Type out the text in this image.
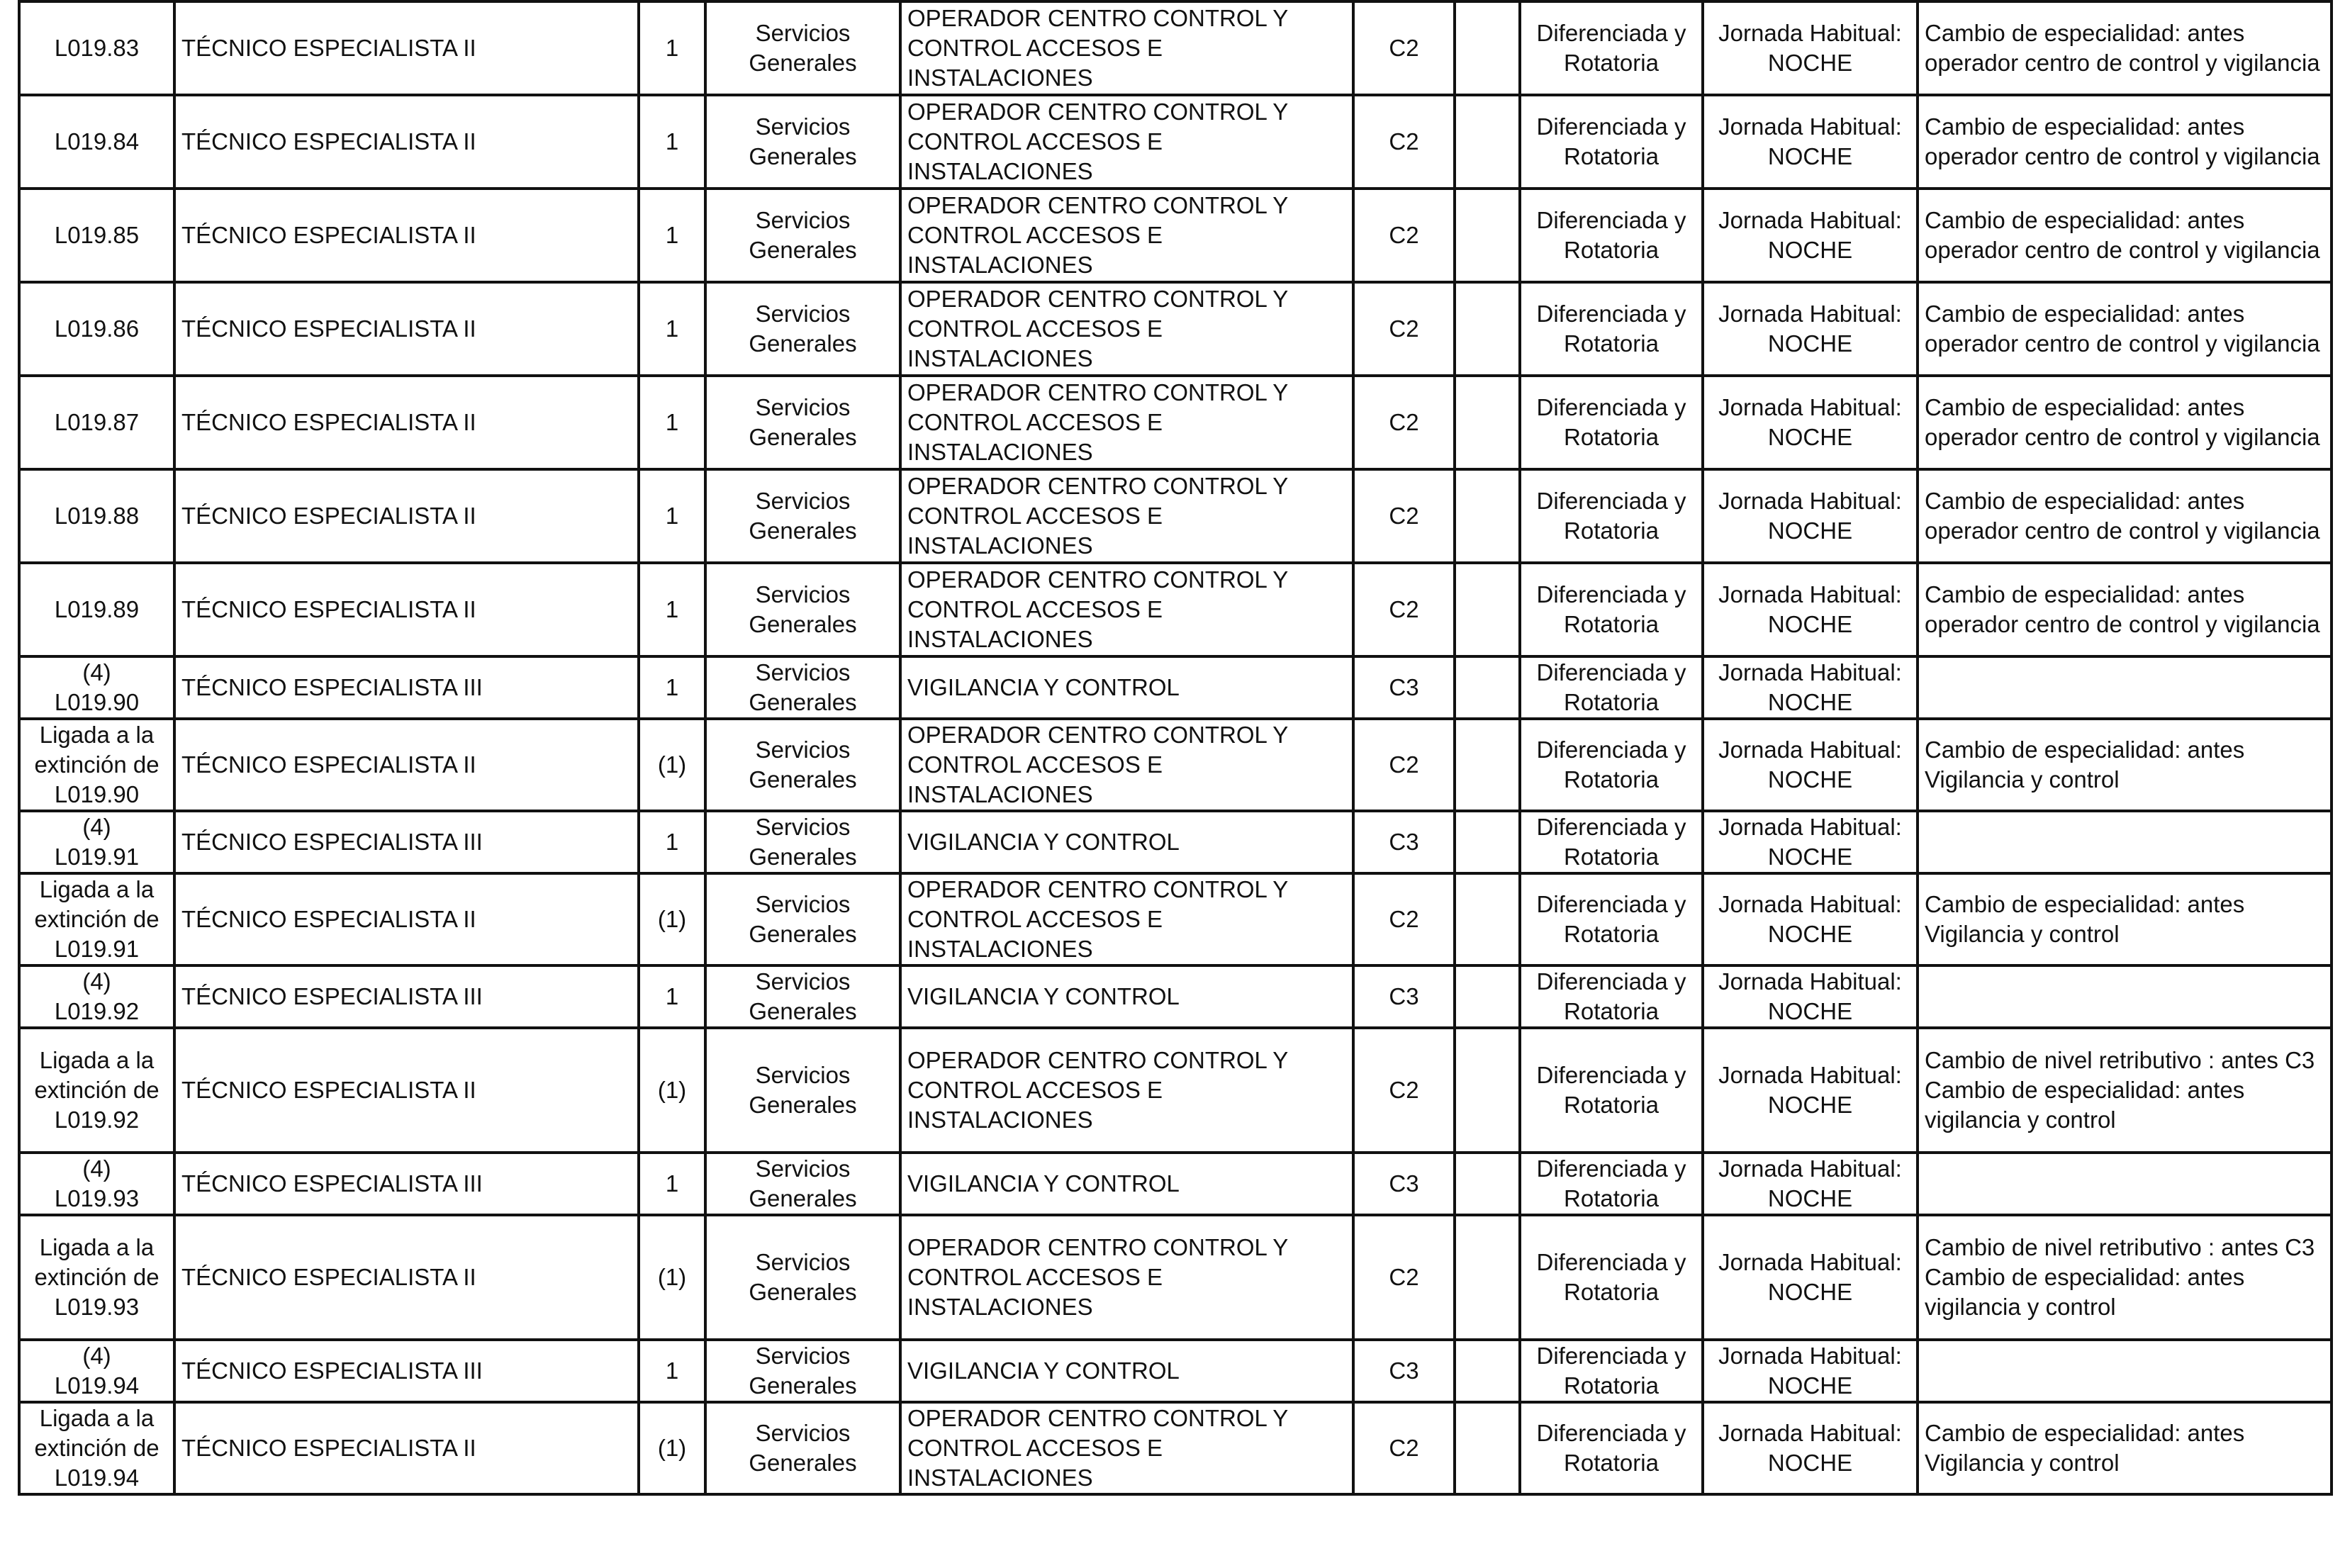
L019.83	TÉCNICO ESPECIALISTA II	1	Servicios
Generales	OPERADOR CENTRO CONTROL Y
CONTROL ACCESOS E
INSTALACIONES	C2		Diferenciada y
Rotatoria	Jornada Habitual:
NOCHE	Cambio de especialidad: antes
operador centro de control y vigilancia
L019.84	TÉCNICO ESPECIALISTA II	1	Servicios
Generales	OPERADOR CENTRO CONTROL Y
CONTROL ACCESOS E
INSTALACIONES	C2		Diferenciada y
Rotatoria	Jornada Habitual:
NOCHE	Cambio de especialidad: antes
operador centro de control y vigilancia
L019.85	TÉCNICO ESPECIALISTA II	1	Servicios
Generales	OPERADOR CENTRO CONTROL Y
CONTROL ACCESOS E
INSTALACIONES	C2		Diferenciada y
Rotatoria	Jornada Habitual:
NOCHE	Cambio de especialidad: antes
operador centro de control y vigilancia
L019.86	TÉCNICO ESPECIALISTA II	1	Servicios
Generales	OPERADOR CENTRO CONTROL Y
CONTROL ACCESOS E
INSTALACIONES	C2		Diferenciada y
Rotatoria	Jornada Habitual:
NOCHE	Cambio de especialidad: antes
operador centro de control y vigilancia
L019.87	TÉCNICO ESPECIALISTA II	1	Servicios
Generales	OPERADOR CENTRO CONTROL Y
CONTROL ACCESOS E
INSTALACIONES	C2		Diferenciada y
Rotatoria	Jornada Habitual:
NOCHE	Cambio de especialidad: antes
operador centro de control y vigilancia
L019.88	TÉCNICO ESPECIALISTA II	1	Servicios
Generales	OPERADOR CENTRO CONTROL Y
CONTROL ACCESOS E
INSTALACIONES	C2		Diferenciada y
Rotatoria	Jornada Habitual:
NOCHE	Cambio de especialidad: antes
operador centro de control y vigilancia
L019.89	TÉCNICO ESPECIALISTA II	1	Servicios
Generales	OPERADOR CENTRO CONTROL Y
CONTROL ACCESOS E
INSTALACIONES	C2		Diferenciada y
Rotatoria	Jornada Habitual:
NOCHE	Cambio de especialidad: antes
operador centro de control y vigilancia
(4)
L019.90	TÉCNICO ESPECIALISTA III	1	Servicios
Generales	VIGILANCIA Y CONTROL	C3		Diferenciada y
Rotatoria	Jornada Habitual:
NOCHE	
Ligada a la
extinción de
L019.90	TÉCNICO ESPECIALISTA II	(1)	Servicios
Generales	OPERADOR CENTRO CONTROL Y
CONTROL ACCESOS E
INSTALACIONES	C2		Diferenciada y
Rotatoria	Jornada Habitual:
NOCHE	Cambio de especialidad: antes
Vigilancia y control
(4)
L019.91	TÉCNICO ESPECIALISTA III	1	Servicios
Generales	VIGILANCIA Y CONTROL	C3		Diferenciada y
Rotatoria	Jornada Habitual:
NOCHE	
Ligada a la
extinción de
L019.91	TÉCNICO ESPECIALISTA II	(1)	Servicios
Generales	OPERADOR CENTRO CONTROL Y
CONTROL ACCESOS E
INSTALACIONES	C2		Diferenciada y
Rotatoria	Jornada Habitual:
NOCHE	Cambio de especialidad: antes
Vigilancia y control
(4)
L019.92	TÉCNICO ESPECIALISTA III	1	Servicios
Generales	VIGILANCIA Y CONTROL	C3		Diferenciada y
Rotatoria	Jornada Habitual:
NOCHE	
Ligada a la
extinción de
L019.92	TÉCNICO ESPECIALISTA II	(1)	Servicios
Generales	OPERADOR CENTRO CONTROL Y
CONTROL ACCESOS E
INSTALACIONES	C2		Diferenciada y
Rotatoria	Jornada Habitual:
NOCHE	Cambio de nivel retributivo : antes C3
Cambio de especialidad: antes
vigilancia y control
(4)
L019.93	TÉCNICO ESPECIALISTA III	1	Servicios
Generales	VIGILANCIA Y CONTROL	C3		Diferenciada y
Rotatoria	Jornada Habitual:
NOCHE	
Ligada a la
extinción de
L019.93	TÉCNICO ESPECIALISTA II	(1)	Servicios
Generales	OPERADOR CENTRO CONTROL Y
CONTROL ACCESOS E
INSTALACIONES	C2		Diferenciada y
Rotatoria	Jornada Habitual:
NOCHE	Cambio de nivel retributivo : antes C3
Cambio de especialidad: antes
vigilancia y control
(4)
L019.94	TÉCNICO ESPECIALISTA III	1	Servicios
Generales	VIGILANCIA Y CONTROL	C3		Diferenciada y
Rotatoria	Jornada Habitual:
NOCHE	
Ligada a la
extinción de
L019.94	TÉCNICO ESPECIALISTA II	(1)	Servicios
Generales	OPERADOR CENTRO CONTROL Y
CONTROL ACCESOS E
INSTALACIONES	C2		Diferenciada y
Rotatoria	Jornada Habitual:
NOCHE	Cambio de especialidad: antes
Vigilancia y control
